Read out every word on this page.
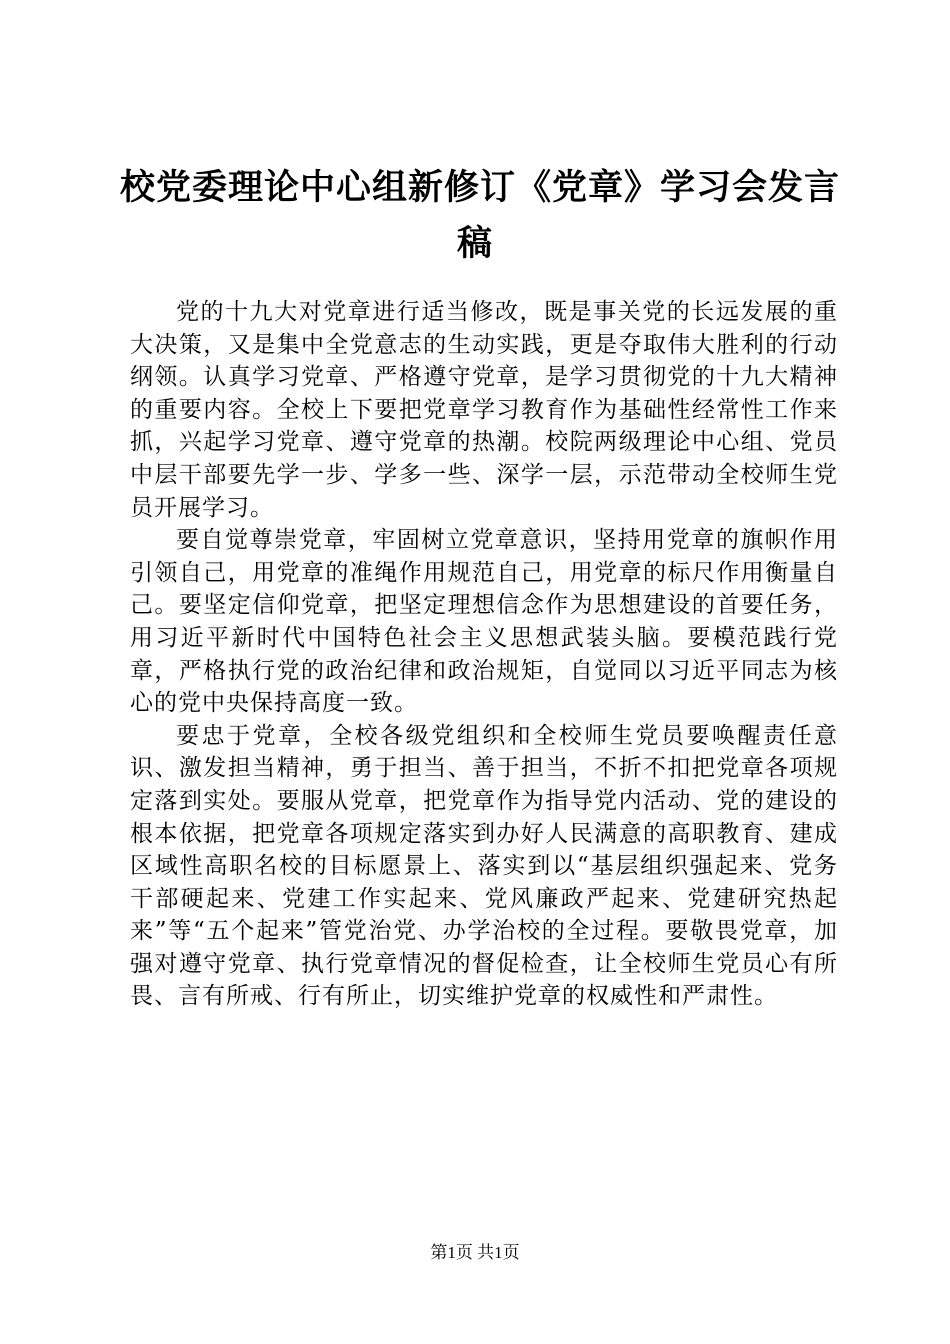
校党委理论中心组新修订《党章》学习会发言
稿

党的十九大对党章进行适当修改，既是事关党的长远发展的重大决策，又是集中全党意志的生动实践，更是夺取伟大胜利的行动纲领。认真学习党章、严格遵守党章，是学习贯彻党的十九大精神的重要内容。全校上下要把党章学习教育作为基础性经常性工作来抓，兴起学习党章、遵守党章的热潮。校院两级理论中心组、党员中层干部要先学一步、学多一些、深学一层，示范带动全校师生党员开展学习。

要自觉尊崇党章，牢固树立党章意识，坚持用党章的旗帜作用引领自己，用党章的准绳作用规范自己，用党章的标尺作用衡量自己。要坚定信仰党章，把坚定理想信念作为思想建设的首要任务，用习近平新时代中国特色社会主义思想武装头脑。要模范践行党章，严格执行党的政治纪律和政治规矩，自觉同以习近平同志为核心的党中央保持高度一致。

要忠于党章，全校各级党组织和全校师生党员要唤醒责任意识、激发担当精神，勇于担当、善于担当，不折不扣把党章各项规定落到实处。要服从党章，把党章作为指导党内活动、党的建设的根本依据，把党章各项规定落实到办好人民满意的高职教育、建成区域性高职名校的目标愿景上、落实到以“基层组织强起来、党务干部硬起来、党建工作实起来、党风廉政严起来、党建研究热起来”等“五个起来”管党治党、办学治校的全过程。要敬畏党章，加强对遵守党章、执行党章情况的督促检查，让全校师生党员心有所畏、言有所戒、行有所止，切实维护党章的权威性和严肃性。

第1页 共1页
